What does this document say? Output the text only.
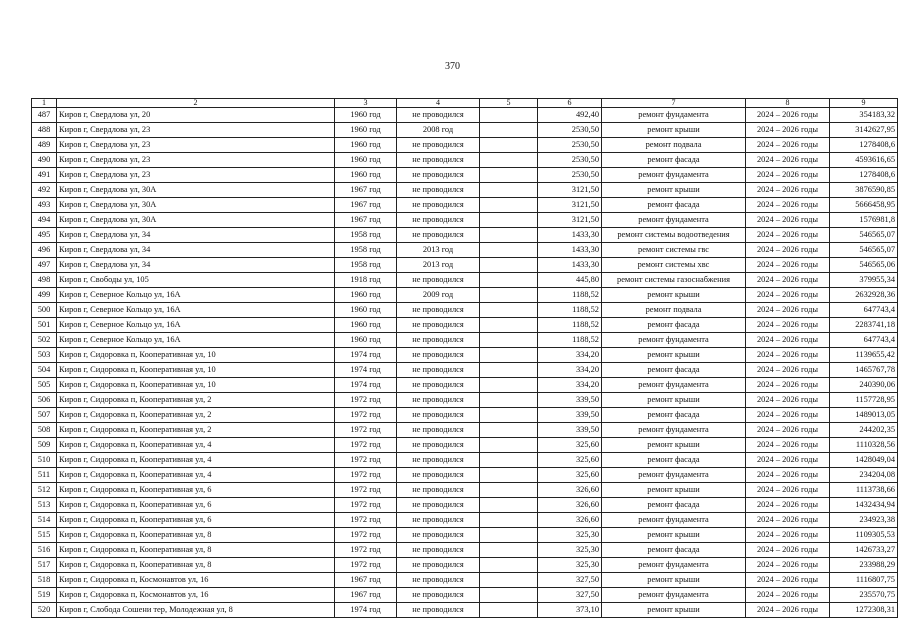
370
1	2	3	4	5	6	7	8	9
487	Киров г, Свердлова ул, 20	1960 год	не проводился		492,40	ремонт фундамента	2024 – 2026 годы	354183,32
488	Киров г, Свердлова ул, 23	1960 год	2008 год		2530,50	ремонт крыши	2024 – 2026 годы	3142627,95
489	Киров г, Свердлова ул, 23	1960 год	не проводился		2530,50	ремонт подвала	2024 – 2026 годы	1278408,6
490	Киров г, Свердлова ул, 23	1960 год	не проводился		2530,50	ремонт фасада	2024 – 2026 годы	4593616,65
491	Киров г, Свердлова ул, 23	1960 год	не проводился		2530,50	ремонт фундамента	2024 – 2026 годы	1278408,6
492	Киров г, Свердлова ул, 30А	1967 год	не проводился		3121,50	ремонт крыши	2024 – 2026 годы	3876590,85
493	Киров г, Свердлова ул, 30А	1967 год	не проводился		3121,50	ремонт фасада	2024 – 2026 годы	5666458,95
494	Киров г, Свердлова ул, 30А	1967 год	не проводился		3121,50	ремонт фундамента	2024 – 2026 годы	1576981,8
495	Киров г, Свердлова ул, 34	1958 год	не проводился		1433,30	ремонт системы водоотведения	2024 – 2026 годы	546565,07
496	Киров г, Свердлова ул, 34	1958 год	2013 год		1433,30	ремонт системы гвс	2024 – 2026 годы	546565,07
497	Киров г, Свердлова ул, 34	1958 год	2013 год		1433,30	ремонт системы хвс	2024 – 2026 годы	546565,06
498	Киров г, Свободы ул, 105	1918 год	не проводился		445,80	ремонт системы газоснабжения	2024 – 2026 годы	379955,34
499	Киров г, Северное Кольцо ул, 16А	1960 год	2009 год		1188,52	ремонт крыши	2024 – 2026 годы	2632928,36
500	Киров г, Северное Кольцо ул, 16А	1960 год	не проводился		1188,52	ремонт подвала	2024 – 2026 годы	647743,4
501	Киров г, Северное Кольцо ул, 16А	1960 год	не проводился		1188,52	ремонт фасада	2024 – 2026 годы	2283741,18
502	Киров г, Северное Кольцо ул, 16А	1960 год	не проводился		1188,52	ремонт фундамента	2024 – 2026 годы	647743,4
503	Киров г, Сидоровка п, Кооперативная ул, 10	1974 год	не проводился		334,20	ремонт крыши	2024 – 2026 годы	1139655,42
504	Киров г, Сидоровка п, Кооперативная ул, 10	1974 год	не проводился		334,20	ремонт фасада	2024 – 2026 годы	1465767,78
505	Киров г, Сидоровка п, Кооперативная ул, 10	1974 год	не проводился		334,20	ремонт фундамента	2024 – 2026 годы	240390,06
506	Киров г, Сидоровка п, Кооперативная ул, 2	1972 год	не проводился		339,50	ремонт крыши	2024 – 2026 годы	1157728,95
507	Киров г, Сидоровка п, Кооперативная ул, 2	1972 год	не проводился		339,50	ремонт фасада	2024 – 2026 годы	1489013,05
508	Киров г, Сидоровка п, Кооперативная ул, 2	1972 год	не проводился		339,50	ремонт фундамента	2024 – 2026 годы	244202,35
509	Киров г, Сидоровка п, Кооперативная ул, 4	1972 год	не проводился		325,60	ремонт крыши	2024 – 2026 годы	1110328,56
510	Киров г, Сидоровка п, Кооперативная ул, 4	1972 год	не проводился		325,60	ремонт фасада	2024 – 2026 годы	1428049,04
511	Киров г, Сидоровка п, Кооперативная ул, 4	1972 год	не проводился		325,60	ремонт фундамента	2024 – 2026 годы	234204,08
512	Киров г, Сидоровка п, Кооперативная ул, 6	1972 год	не проводился		326,60	ремонт крыши	2024 – 2026 годы	1113738,66
513	Киров г, Сидоровка п, Кооперативная ул, 6	1972 год	не проводился		326,60	ремонт фасада	2024 – 2026 годы	1432434,94
514	Киров г, Сидоровка п, Кооперативная ул, 6	1972 год	не проводился		326,60	ремонт фундамента	2024 – 2026 годы	234923,38
515	Киров г, Сидоровка п, Кооперативная ул, 8	1972 год	не проводился		325,30	ремонт крыши	2024 – 2026 годы	1109305,53
516	Киров г, Сидоровка п, Кооперативная ул, 8	1972 год	не проводился		325,30	ремонт фасада	2024 – 2026 годы	1426733,27
517	Киров г, Сидоровка п, Кооперативная ул, 8	1972 год	не проводился		325,30	ремонт фундамента	2024 – 2026 годы	233988,29
518	Киров г, Сидоровка п, Космонавтов ул, 16	1967 год	не проводился		327,50	ремонт крыши	2024 – 2026 годы	1116807,75
519	Киров г, Сидоровка п, Космонавтов ул, 16	1967 год	не проводился		327,50	ремонт фундамента	2024 – 2026 годы	235570,75
520	Киров г, Слобода Сошени тер, Молодежная ул, 8	1974 год	не проводился		373,10	ремонт крыши	2024 – 2026 годы	1272308,31
